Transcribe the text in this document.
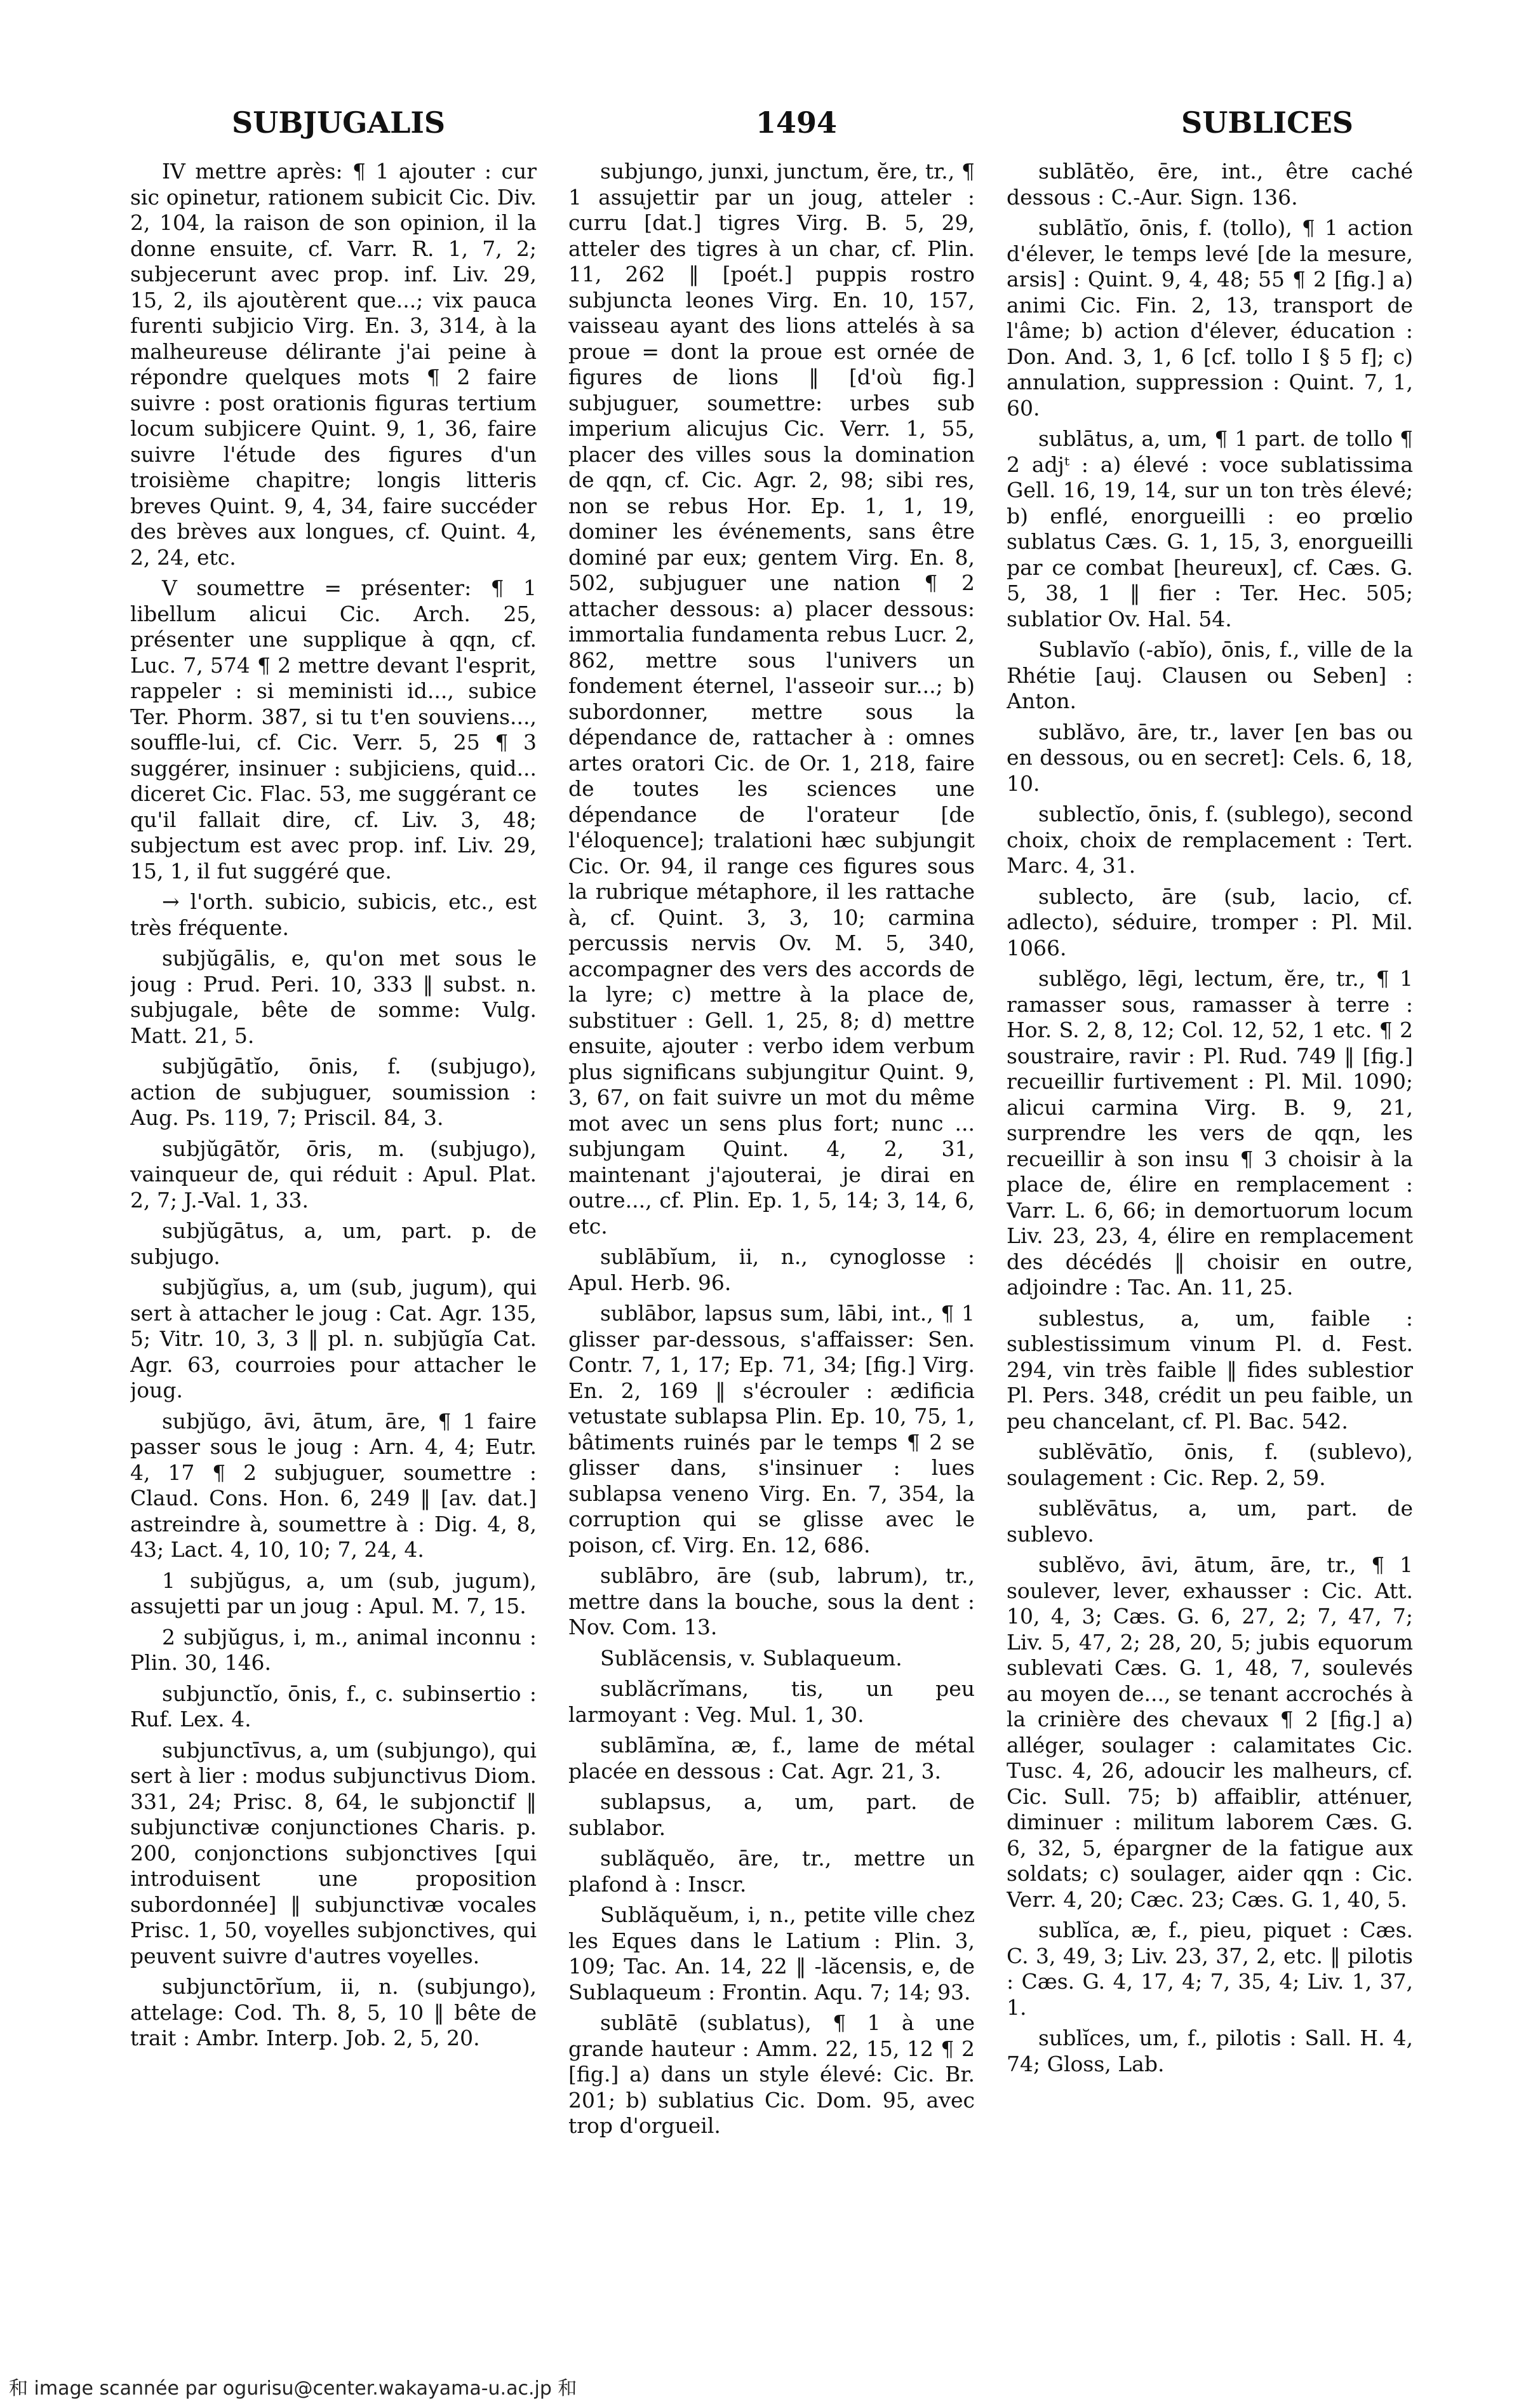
SUBJUGALIS	1494	SUBLICES

IV mettre après: ¶ 1 ajouter : cur sic opinetur, rationem subicit Cic. Div. 2, 104, la raison de son opinion, il la donne ensuite, cf. Varr. R. 1, 7, 2; subjecerunt avec prop. inf. Liv. 29, 15, 2, ils ajoutèrent que...; vix pauca furenti subjicio Virg. En. 3, 314, à la malheureuse délirante j'ai peine à répondre quelques mots ¶ 2 faire suivre : post orationis figuras tertium locum subjicere Quint. 9, 1, 36, faire suivre l'étude des figures d'un troisième chapitre; longis litteris breves Quint. 9, 4, 34, faire succéder des brèves aux longues, cf. Quint. 4, 2, 24, etc.

V soumettre = présenter: ¶ 1 libellum alicui Cic. Arch. 25, présenter une supplique à qqn, cf. Luc. 7, 574 ¶ 2 mettre devant l'esprit, rappeler : si meministi id..., subice Ter. Phorm. 387, si tu t'en souviens..., souffle-lui, cf. Cic. Verr. 5, 25 ¶ 3 suggérer, insinuer : subjiciens, quid... diceret Cic. Flac. 53, me suggérant ce qu'il fallait dire, cf. Liv. 3, 48; subjectum est avec prop. inf. Liv. 29, 15, 1, il fut suggéré que.

→ l'orth. subicio, subicis, etc., est très fréquente.

subjŭgālis, e, qu'on met sous le joug : Prud. Peri. 10, 333 ‖ subst. n. subjugale, bête de somme: Vulg. Matt. 21, 5.

subjŭgātĭo, ōnis, f. (subjugo), action de subjuguer, soumission : Aug. Ps. 119, 7; Priscil. 84, 3.

subjŭgātŏr, ōris, m. (subjugo), vainqueur de, qui réduit : Apul. Plat. 2, 7; J.-Val. 1, 33.

subjŭgātus, a, um, part. p. de subjugo.

subjŭgĭus, a, um (sub, jugum), qui sert à attacher le joug : Cat. Agr. 135, 5; Vitr. 10, 3, 3 ‖ pl. n. subjŭgĭa Cat. Agr. 63, courroies pour attacher le joug.

subjŭgo, āvi, ātum, āre, ¶ 1 faire passer sous le joug : Arn. 4, 4; Eutr. 4, 17 ¶ 2 subjuguer, soumettre : Claud. Cons. Hon. 6, 249 ‖ [av. dat.] astreindre à, soumettre à : Dig. 4, 8, 43; Lact. 4, 10, 10; 7, 24, 4.

1 subjŭgus, a, um (sub, jugum), assujetti par un joug : Apul. M. 7, 15.

2 subjŭgus, i, m., animal inconnu : Plin. 30, 146.

subjunctĭo, ōnis, f., c. subinsertio : Ruf. Lex. 4.

subjunctīvus, a, um (subjungo), qui sert à lier : modus subjunctivus Diom. 331, 24; Prisc. 8, 64, le subjonctif ‖ subjunctivæ conjunctiones Charis. p. 200, conjonctions subjonctives [qui introduisent une proposition subordonnée] ‖ subjunctivæ vocales Prisc. 1, 50, voyelles subjonctives, qui peuvent suivre d'autres voyelles.

subjunctōrĭum, ii, n. (subjungo), attelage: Cod. Th. 8, 5, 10 ‖ bête de trait : Ambr. Interp. Job. 2, 5, 20.

subjungo, junxi, junctum, ĕre, tr., ¶ 1 assujettir par un joug, atteler : curru [dat.] tigres Virg. B. 5, 29, atteler des tigres à un char, cf. Plin. 11, 262 ‖ [poét.] puppis rostro subjuncta leones Virg. En. 10, 157, vaisseau ayant des lions attelés à sa proue = dont la proue est ornée de figures de lions ‖ [d'où fig.] subjuguer, soumettre: urbes sub imperium alicujus Cic. Verr. 1, 55, placer des villes sous la domination de qqn, cf. Cic. Agr. 2, 98; sibi res, non se rebus Hor. Ep. 1, 1, 19, dominer les événements, sans être dominé par eux; gentem Virg. En. 8, 502, subjuguer une nation ¶ 2 attacher dessous: a) placer dessous: immortalia fundamenta rebus Lucr. 2, 862, mettre sous l'univers un fondement éternel, l'asseoir sur...; b) subordonner, mettre sous la dépendance de, rattacher à : omnes artes oratori Cic. de Or. 1, 218, faire de toutes les sciences une dépendance de l'orateur [de l'éloquence]; tralationi hæc subjungit Cic. Or. 94, il range ces figures sous la rubrique métaphore, il les rattache à, cf. Quint. 3, 3, 10; carmina percussis nervis Ov. M. 5, 340, accompagner des vers des accords de la lyre; c) mettre à la place de, substituer : Gell. 1, 25, 8; d) mettre ensuite, ajouter : verbo idem verbum plus significans subjungitur Quint. 9, 3, 67, on fait suivre un mot du même mot avec un sens plus fort; nunc ... subjungam Quint. 4, 2, 31, maintenant j'ajouterai, je dirai en outre..., cf. Plin. Ep. 1, 5, 14; 3, 14, 6, etc.

sublābĭum, ii, n., cynoglosse : Apul. Herb. 96.

sublābor, lapsus sum, lābi, int., ¶ 1 glisser par-dessous, s'affaisser: Sen. Contr. 7, 1, 17; Ep. 71, 34; [fig.] Virg. En. 2, 169 ‖ s'écrouler : ædificia vetustate sublapsa Plin. Ep. 10, 75, 1, bâtiments ruinés par le temps ¶ 2 se glisser dans, s'insinuer : lues sublapsa veneno Virg. En. 7, 354, la corruption qui se glisse avec le poison, cf. Virg. En. 12, 686.

sublābro, āre (sub, labrum), tr., mettre dans la bouche, sous la dent : Nov. Com. 13.

Sublăcensis, v. Sublaqueum.

sublăcrĭmans, tis, un peu larmoyant : Veg. Mul. 1, 30.

sublāmĭna, æ, f., lame de métal placée en dessous : Cat. Agr. 21, 3.

sublapsus, a, um, part. de sublabor.

sublăquĕo, āre, tr., mettre un plafond à : Inscr.

Sublăquĕum, i, n., petite ville chez les Eques dans le Latium : Plin. 3, 109; Tac. An. 14, 22 ‖ -lăcensis, e, de Sublaqueum : Frontin. Aqu. 7; 14; 93.

sublātē (sublatus), ¶ 1 à une grande hauteur : Amm. 22, 15, 12 ¶ 2 [fig.] a) dans un style élevé: Cic. Br. 201; b) sublatius Cic. Dom. 95, avec trop d'orgueil.

sublātĕo, ēre, int., être caché dessous : C.-Aur. Sign. 136.

sublātĭo, ōnis, f. (tollo), ¶ 1 action d'élever, le temps levé [de la mesure, arsis] : Quint. 9, 4, 48; 55 ¶ 2 [fig.] a) animi Cic. Fin. 2, 13, transport de l'âme; b) action d'élever, éducation : Don. And. 3, 1, 6 [cf. tollo I § 5 f]; c) annulation, suppression : Quint. 7, 1, 60.

sublātus, a, um, ¶ 1 part. de tollo ¶ 2 adjᵗ : a) élevé : voce sublatissima Gell. 16, 19, 14, sur un ton très élevé; b) enflé, enorgueilli : eo prœlio sublatus Cæs. G. 1, 15, 3, enorgueilli par ce combat [heureux], cf. Cæs. G. 5, 38, 1 ‖ fier : Ter. Hec. 505; sublatior Ov. Hal. 54.

Sublavĭo (-abĭo), ōnis, f., ville de la Rhétie [auj. Clausen ou Seben] : Anton.

sublăvo, āre, tr., laver [en bas ou en dessous, ou en secret]: Cels. 6, 18, 10.

sublectĭo, ōnis, f. (sublego), second choix, choix de remplacement : Tert. Marc. 4, 31.

sublecto, āre (sub, lacio, cf. adlecto), séduire, tromper : Pl. Mil. 1066.

sublĕgo, lēgi, lectum, ĕre, tr., ¶ 1 ramasser sous, ramasser à terre : Hor. S. 2, 8, 12; Col. 12, 52, 1 etc. ¶ 2 soustraire, ravir : Pl. Rud. 749 ‖ [fig.] recueillir furtivement : Pl. Mil. 1090; alicui carmina Virg. B. 9, 21, surprendre les vers de qqn, les recueillir à son insu ¶ 3 choisir à la place de, élire en remplacement : Varr. L. 6, 66; in demortuorum locum Liv. 23, 23, 4, élire en remplacement des décédés ‖ choisir en outre, adjoindre : Tac. An. 11, 25.

sublestus, a, um, faible : sublestissimum vinum Pl. d. Fest. 294, vin très faible ‖ fides sublestior Pl. Pers. 348, crédit un peu faible, un peu chancelant, cf. Pl. Bac. 542.

sublĕvātĭo, ōnis, f. (sublevo), soulagement : Cic. Rep. 2, 59.

sublĕvātus, a, um, part. de sublevo.

sublĕvo, āvi, ātum, āre, tr., ¶ 1 soulever, lever, exhausser : Cic. Att. 10, 4, 3; Cæs. G. 6, 27, 2; 7, 47, 7; Liv. 5, 47, 2; 28, 20, 5; jubis equorum sublevati Cæs. G. 1, 48, 7, soulevés au moyen de..., se tenant accrochés à la crinière des chevaux ¶ 2 [fig.] a) alléger, soulager : calamitates Cic. Tusc. 4, 26, adoucir les malheurs, cf. Cic. Sull. 75; b) affaiblir, atténuer, diminuer : militum laborem Cæs. G. 6, 32, 5, épargner de la fatigue aux soldats; c) soulager, aider qqn : Cic. Verr. 4, 20; Cæc. 23; Cæs. G. 1, 40, 5.

sublĭca, æ, f., pieu, piquet : Cæs. C. 3, 49, 3; Liv. 23, 37, 2, etc. ‖ pilotis : Cæs. G. 4, 17, 4; 7, 35, 4; Liv. 1, 37, 1.

sublĭces, um, f., pilotis : Sall. H. 4, 74; Gloss, Lab.

和 image scannée par ogurisu@center.wakayama-u.ac.jp 和
